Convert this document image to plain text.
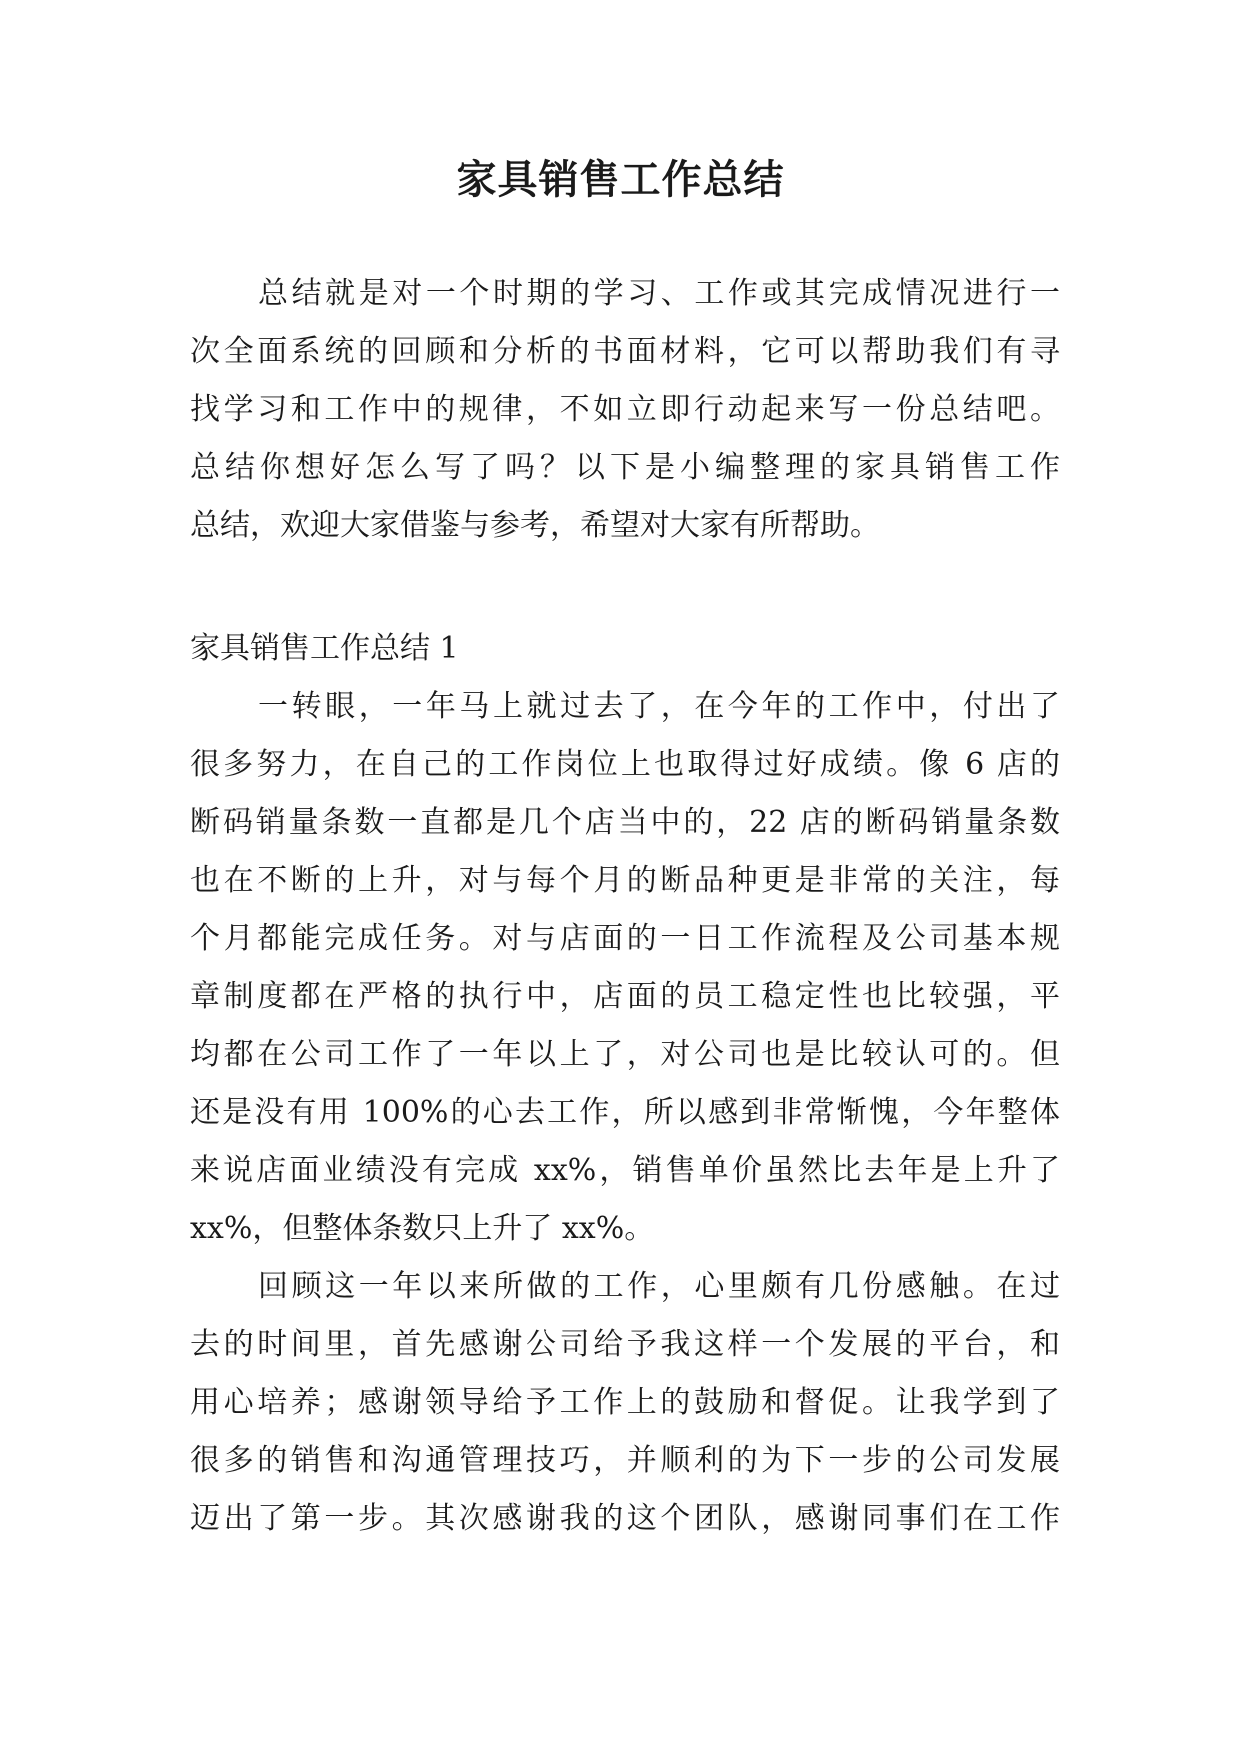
家具销售工作总结
总结就是对一个时期的学习、工作或其完成情况进行一
次全面系统的回顾和分析的书面材料，它可以帮助我们有寻
找学习和工作中的规律，不如立即行动起来写一份总结吧。
总结你想好怎么写了吗？以下是小编整理的家具销售工作
总结，欢迎大家借鉴与参考，希望对大家有所帮助。
家具销售工作总结 1
一转眼，一年马上就过去了，在今年的工作中，付出了
很多努力，在自己的工作岗位上也取得过好成绩。像 6 店的
断码销量条数一直都是几个店当中的，22 店的断码销量条数
也在不断的上升，对与每个月的断品种更是非常的关注，每
个月都能完成任务。对与店面的一日工作流程及公司基本规
章制度都在严格的执行中，店面的员工稳定性也比较强，平
均都在公司工作了一年以上了，对公司也是比较认可的。但
还是没有用 100%的心去工作，所以感到非常惭愧，今年整体
来说店面业绩没有完成 xx%，销售单价虽然比去年是上升了
xx%，但整体条数只上升了 xx%。
回顾这一年以来所做的工作，心里颇有几份感触。在过
去的时间里，首先感谢公司给予我这样一个发展的平台，和
用心培养；感谢领导给予工作上的鼓励和督促。让我学到了
很多的销售和沟通管理技巧，并顺利的为下一步的公司发展
迈出了第一步。其次感谢我的这个团队，感谢同事们在工作
